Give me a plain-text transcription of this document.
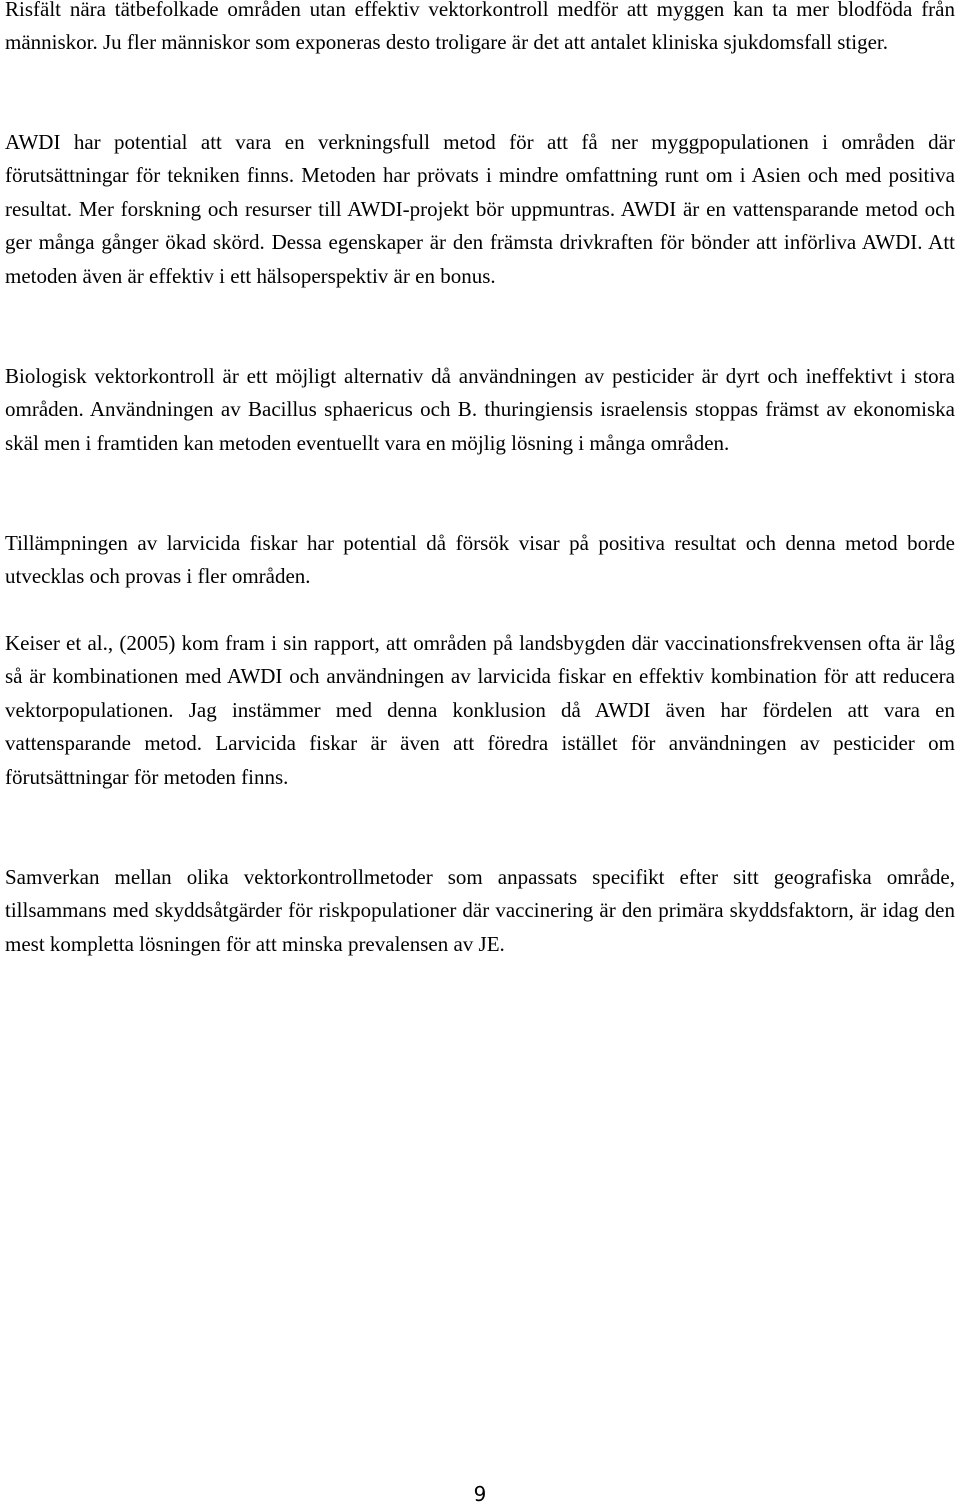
Risfält nära tätbefolkade områden utan effektiv vektorkontroll medför att myggen kan ta mer blodföda från människor. Ju fler människor som exponeras desto troligare är det att antalet kliniska sjukdomsfall stiger.

AWDI har potential att vara en verkningsfull metod för att få ner myggpopulationen i områden där förutsättningar för tekniken finns. Metoden har prövats i mindre omfattning runt om i Asien och med positiva resultat. Mer forskning och resurser till AWDI-projekt bör uppmuntras. AWDI är en vattensparande metod och ger många gånger ökad skörd. Dessa egenskaper är den främsta drivkraften för bönder att införliva AWDI. Att metoden även är effektiv i ett hälsoperspektiv är en bonus.

Biologisk vektorkontroll är ett möjligt alternativ då användningen av pesticider är dyrt och ineffektivt i stora områden. Användningen av Bacillus sphaericus och B. thuringiensis israelensis stoppas främst av ekonomiska skäl men i framtiden kan metoden eventuellt vara en möjlig lösning i många områden.

Tillämpningen av larvicida fiskar har potential då försök visar på positiva resultat och denna metod borde utvecklas och provas i fler områden.

Keiser et al., (2005) kom fram i sin rapport, att områden på landsbygden där vaccinationsfrekvensen ofta är låg så är kombinationen med AWDI och användningen av larvicida fiskar en effektiv kombination för att reducera vektorpopulationen. Jag instämmer med denna konklusion då AWDI även har fördelen att vara en vattensparande metod. Larvicida fiskar är även att föredra istället för användningen av pesticider om förutsättningar för metoden finns.

Samverkan mellan olika vektorkontrollmetoder som anpassats specifikt efter sitt geografiska område, tillsammans med skyddsåtgärder för riskpopulationer där vaccinering är den primära skyddsfaktorn, är idag den mest kompletta lösningen för att minska prevalensen av JE.

9
